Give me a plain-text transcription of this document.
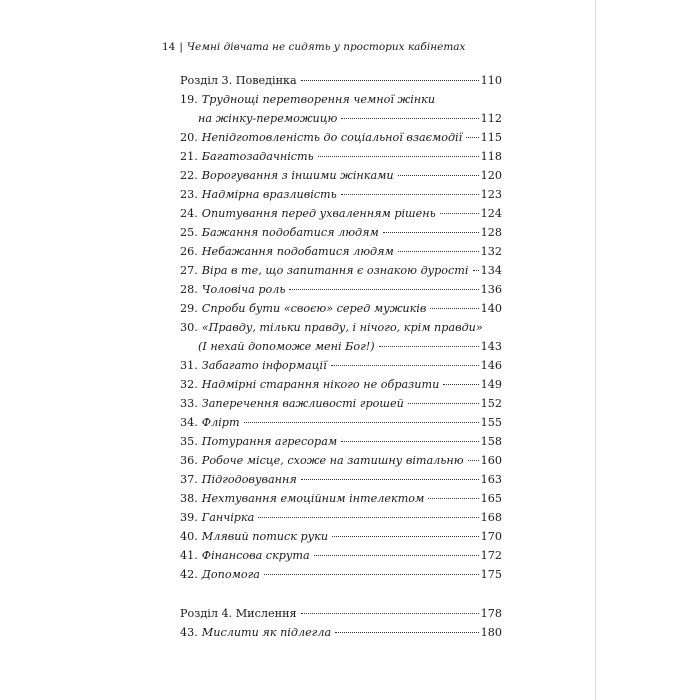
14 | Чемні дівчата не сидять у просторих кабінетах
Розділ 3. Поведінка	110
19. Труднощі перетворення чемної жінки
на жінку-переможицю	112
20. Непідготовленість до соціальної взаємодії 115
21. Багатозадачність	118
22. Ворогування з іншими жінками	120
23. Надмірна вразливість	123
24. Опитування перед ухваленням рішень	124
25. Бажання подобатися людям	128
26. Небажання подобатися людям	132
27. Віра в те, що запитання є ознакою дурості 134
28. Чоловіча роль	136
29. Спроби бути «своєю» серед мужиків	140
30. «Правду, тільки правду, і нічого, крім правди»
(І нехай допоможе мені Бог!)	143
31. Забагато інформації	146
32. Надмірні старання нікого не образити	149
33. Заперечення важливості грошей	152
34. Флірт	155
35. Потурання агресорам	158
36. Робоче місце, схоже на затишну вітальню 160
37. Підгодовування	163
38. Нехтування емоційним інтелектом	165
39. Ганчірка	168
40. Млявий потиск руки	170
41. Фінансова скрута	172
42. Допомога	175
Розділ 4. Мислення	178
43. Мислити як підлегла	180
